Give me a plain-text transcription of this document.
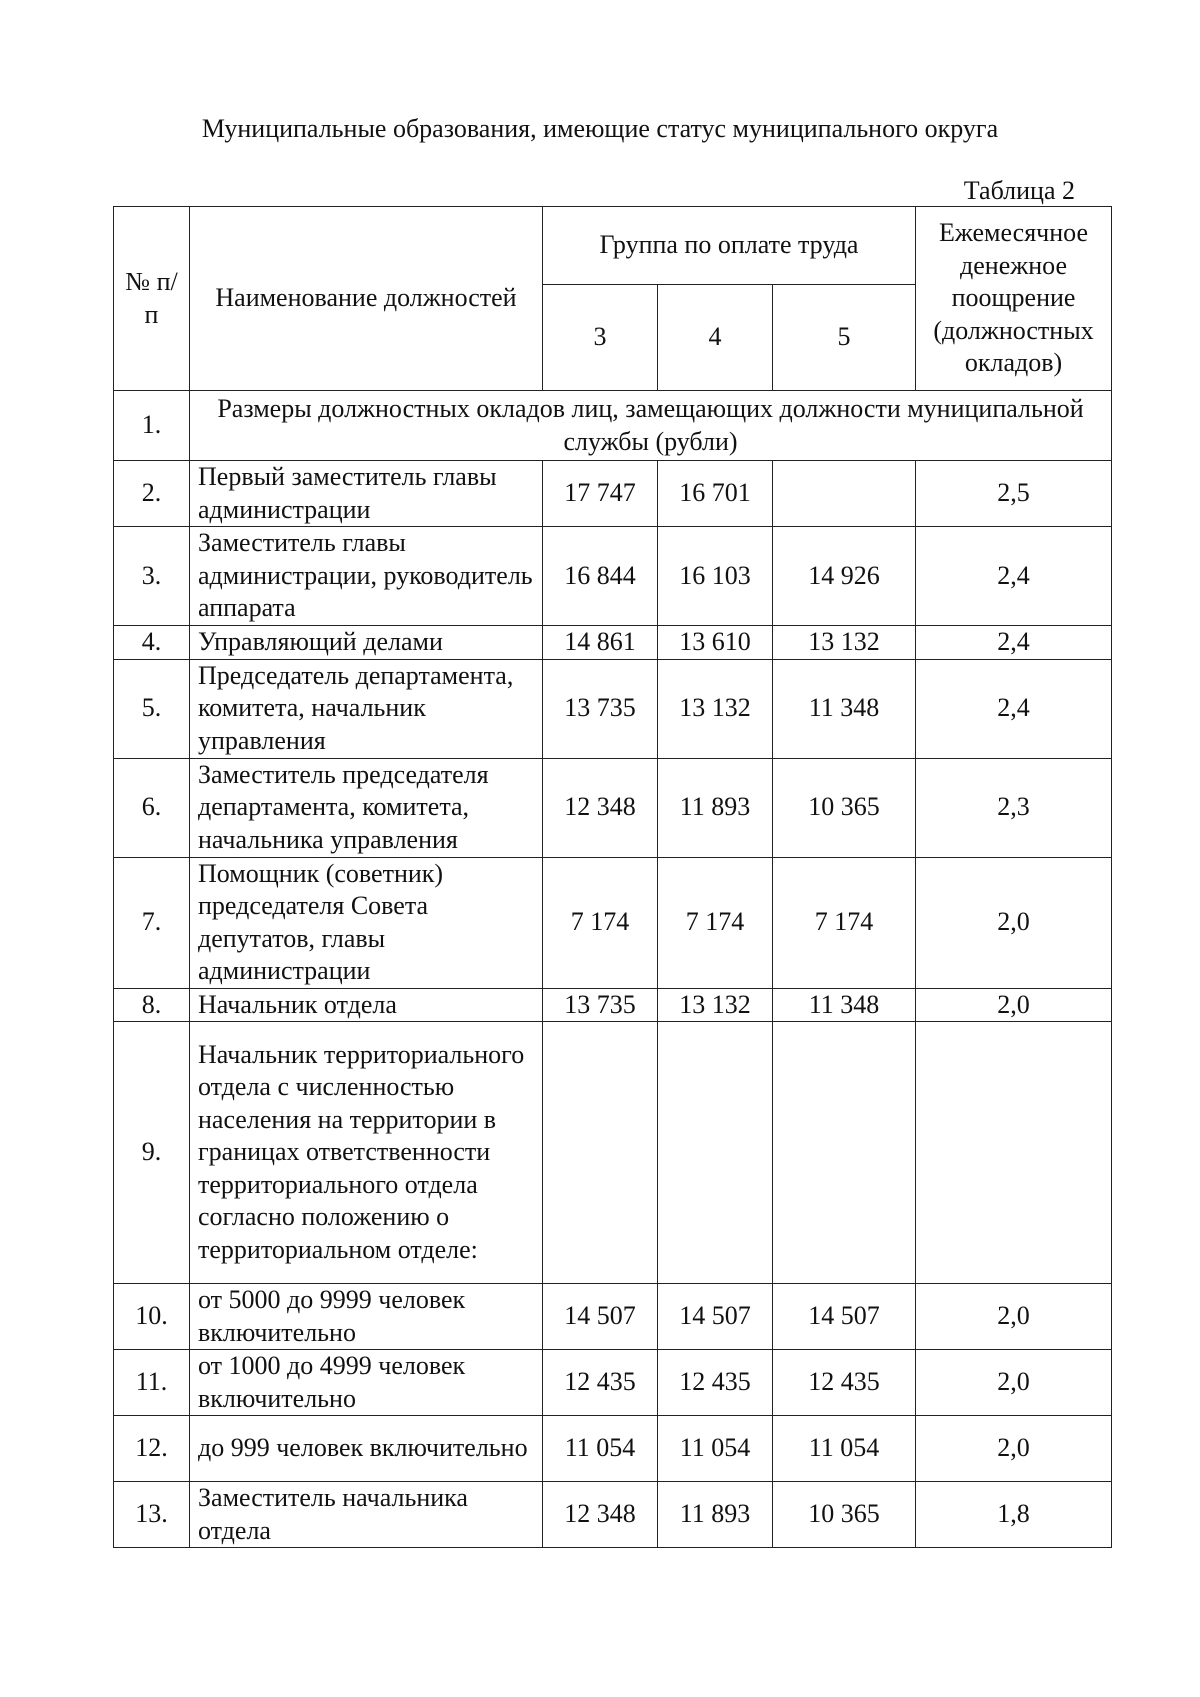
Муниципальные образования, имеющие статус муниципального округа
Таблица 2
№ п/п	Наименование должностей	Группа по оплате труда			Ежемесячное денежное поощрение (должностных окладов)
		3	4	5	
1.	Размеры должностных окладов лиц, замещающих должности муниципальной службы (рубли)				
2.	Первый заместитель главы администрации	17 747	16 701		2,5
3.	Заместитель главы администрации, руководитель аппарата	16 844	16 103	14 926	2,4
4.	Управляющий делами	14 861	13 610	13 132	2,4
5.	Председатель департамента, комитета, начальник управления	13 735	13 132	11 348	2,4
6.	Заместитель председателя департамента, комитета, начальника управления	12 348	11 893	10 365	2,3
7.	Помощник (советник) председателя Совета депутатов, главы администрации	7 174	7 174	7 174	2,0
8.	Начальник отдела	13 735	13 132	11 348	2,0
9.	Начальник территориального отдела с численностью населения на территории в границах ответственности территориального отдела согласно положению о территориальном отделе:				
10.	от 5000 до 9999 человек включительно	14 507	14 507	14 507	2,0
11.	от 1000 до 4999 человек включительно	12 435	12 435	12 435	2,0
12.	до 999 человек включительно	11 054	11 054	11 054	2,0
13.	Заместитель начальника отдела	12 348	11 893	10 365	1,8
